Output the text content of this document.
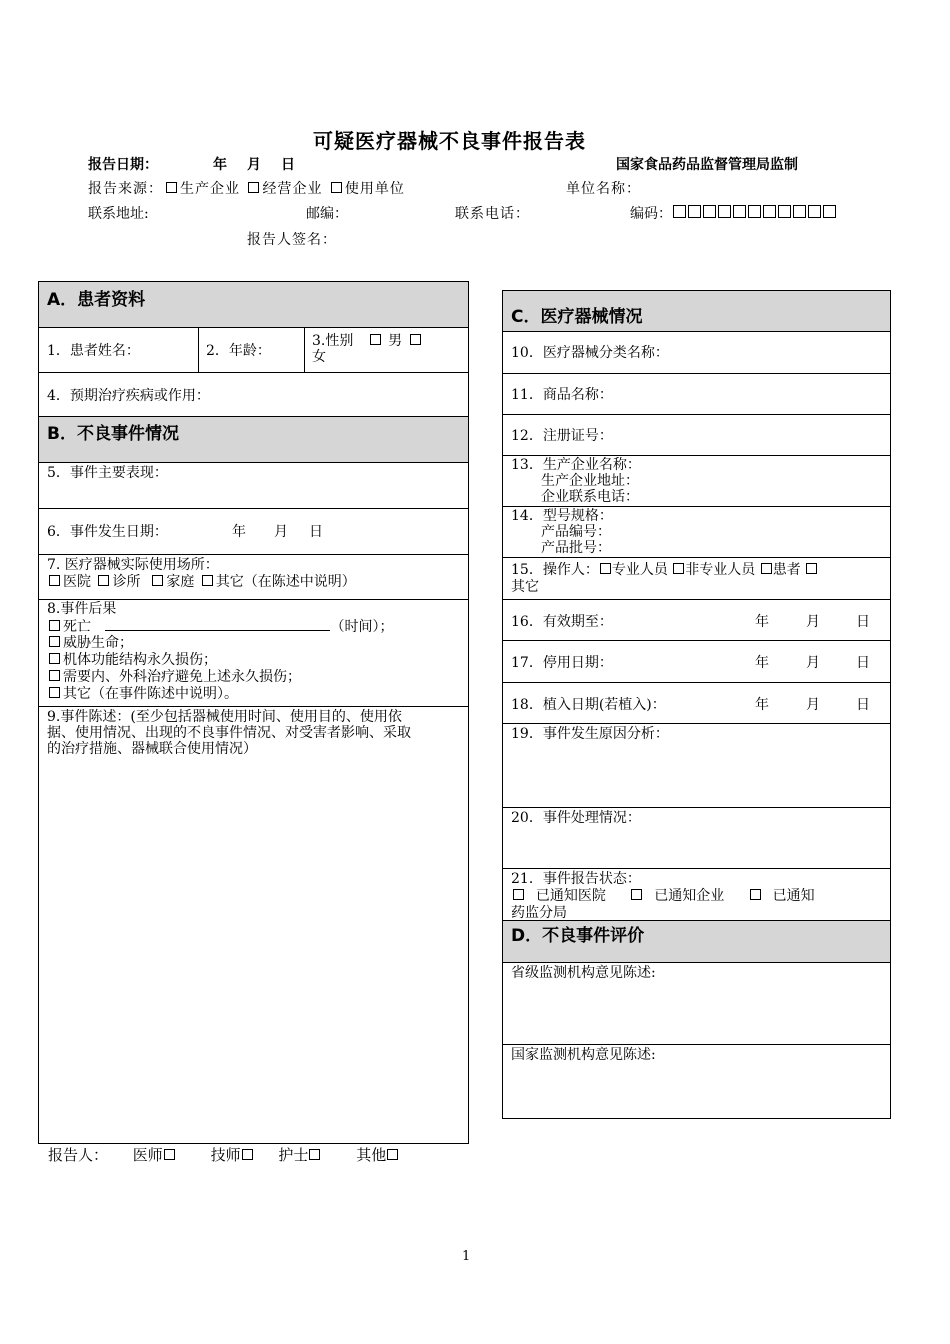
可疑医疗器械不良事件报告表
报告日期：	年 月 日	国家食品药品监督管理局监制
报告来源： 生产企业 经营企业 使用单位	单位名称：
联系地址:	邮编：	联系电话：	编码：
报告人签名：
A．患者资料
1．患者姓名：	2．年龄：
3.性别 男
女
4．预期治疗疾病或作用：
B．不良事件情况
5．事件主要表现：
6．事件发生日期：	年 月 日
7. 医疗器械实际使用场所：
医院 诊所 家庭 其它（在陈述中说明）
8.事件后果
死亡	（时间）；
威胁生命；
机体功能结构永久损伤；
需要内、外科治疗避免上述永久损伤；
其它（在事件陈述中说明）。
9.事件陈述：(至少包括器械使用时间、使用目的、使用依
据、使用情况、出现的不良事件情况、对受害者影响、采取
的治疗措施、器械联合使用情况）
报告人： 医师	技师	护士	其他
C．医疗器械情况
10．医疗器械分类名称：
11．商品名称：
12．注册证号：
13．生产企业名称：
生产企业地址：
企业联系电话：
14．型号规格：
产品编号：
产品批号：
15．操作人： 专业人员 非专业人员 患者
其它
16．有效期至：	年	月	日
17．停用日期：	年	月	日
18．植入日期(若植入)：	年	月	日
19．事件发生原因分析：
20．事件处理情况：
21．事件报告状态：
已通知医院	已通知企业	已通知
药监分局
D．不良事件评价
省级监测机构意见陈述:
国家监测机构意见陈述:
1
